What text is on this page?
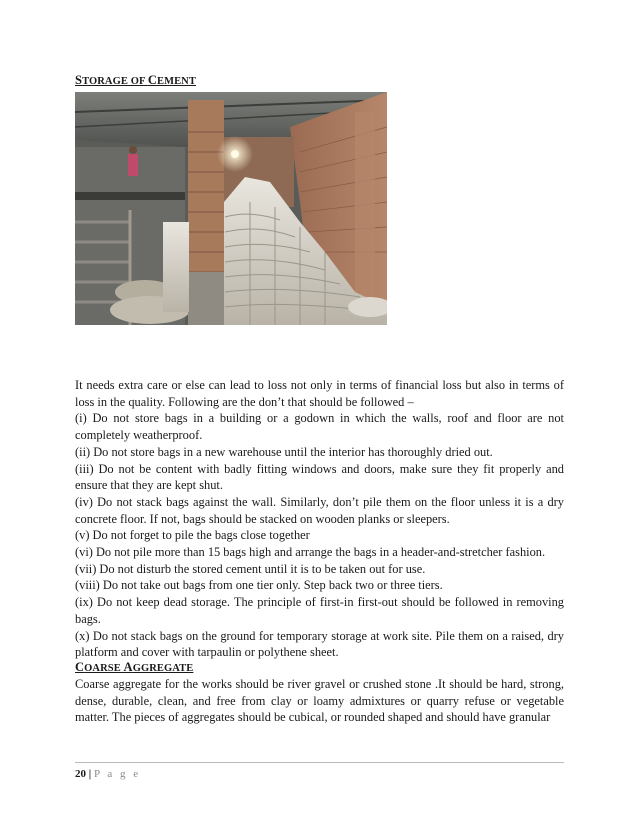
STORAGE OF CEMENT

It needs extra care or else can lead to loss not only in terms of financial loss but also in terms of loss in the quality. Following are the don’t that should be followed –

(i) Do not store bags in a building or a godown in which the walls, roof and floor are not completely weatherproof.

(ii) Do not store bags in a new warehouse until the interior has thoroughly dried out.

(iii) Do not be content with badly fitting windows and doors, make sure they fit properly and ensure that they are kept shut.

(iv) Do not stack bags against the wall. Similarly, don’t pile them on the floor unless it is a dry concrete floor. If not, bags should be stacked on wooden planks or sleepers.

(v) Do not forget to pile the bags close together

(vi) Do not pile more than 15 bags high and arrange the bags in a header-and-stretcher fashion.

(vii) Do not disturb the stored cement until it is to be taken out for use.

(viii) Do not take out bags from one tier only. Step back two or three tiers.

(ix) Do not keep dead storage. The principle of first-in first-out should be followed in removing bags.

(x) Do not stack bags on the ground for temporary storage at work site. Pile them on a raised, dry platform and cover with tarpaulin or polythene sheet.

COARSE AGGREGATE

Coarse aggregate for the works should be river gravel or crushed stone .It should be hard, strong, dense, durable, clean, and free from clay or loamy admixtures or quarry refuse or vegetable matter. The pieces of aggregates should be cubical, or rounded shaped and should have granular

20 | P a g e
